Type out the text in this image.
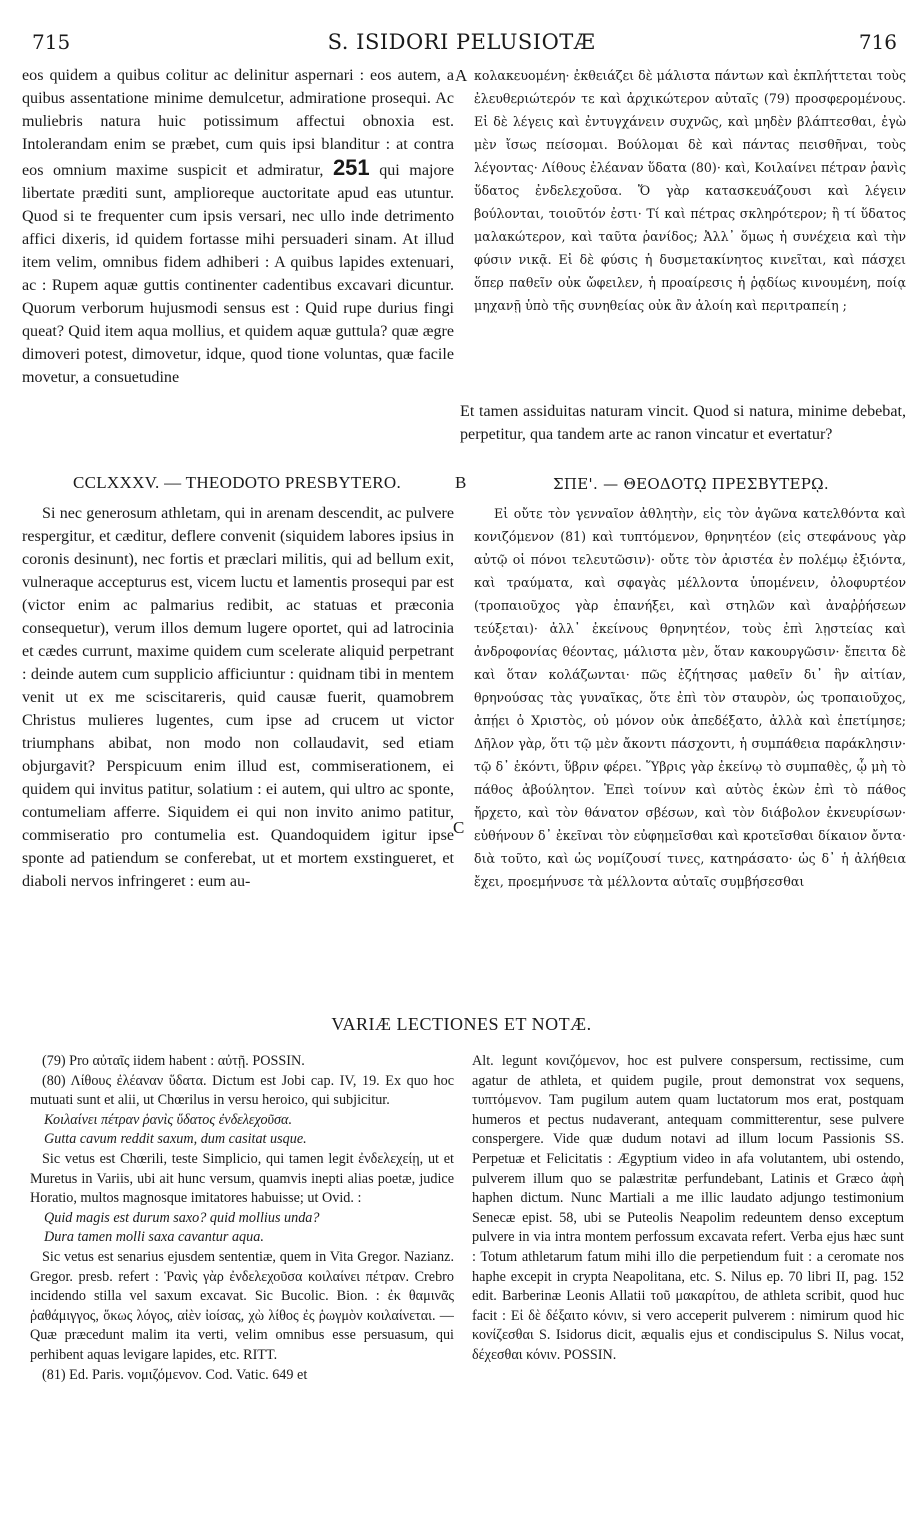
715	S. ISIDORI PELUSIOTÆ	716

eos quidem a quibus colitur ac delinitur aspernari : eos autem, a quibus assentatione minime demulcetur, admiratione prosequi. Ac muliebris natura huic potissimum affectui obnoxia est. Intolerandam enim se præbet, cum quis ipsi blanditur : at contra eos omnium maxime suspicit et admiratur, 251 qui majore libertate præditi sunt, amplioreque auctoritate apud eas utuntur. Quod si te frequenter cum ipsis versari, nec ullo inde detrimento affici dixeris, id quidem fortasse mihi persuaderi sinam. At illud item velim, omnibus fidem adhiberi : A quibus lapides extenuari, ac : Rupem aquæ guttis continenter cadentibus excavari dicuntur. Quorum verborum hujusmodi sensus est : Quid rupe durius fingi queat? Quid item aqua mollius, et quidem aquæ guttula? quæ ægre dimoveri potest, dimovetur, idque, quod tione voluntas, quæ facile movetur, a consuetudine

A κολακευομένη· ἐκθειάζει δὲ μάλιστα πάντων καὶ ἐκπλήττεται τοὺς ἐλευθεριώτερόν τε καὶ ἀρχικώτερον αὐταῖς (79) προσφερομένους. Εἰ δὲ λέγεις καὶ ἐντυγχάνειν συχνῶς, καὶ μηδὲν βλάπτεσθαι, ἐγὼ μὲν ἴσως πείσομαι. Βούλομαι δὲ καὶ πάντας πεισθῆναι, τοὺς λέγοντας· Λίθους ἐλέαναν ὕδατα (80)· καὶ, Κοιλαίνει πέτραν ῥανὶς ὕδατος ἐνδελεχοῦσα. Ὅ γὰρ κατασκευάζουσι καὶ λέγειν βούλονται, τοιοῦτόν ἐστι· Τί καὶ πέτρας σκληρότερον; ἢ τί ὕδατος μαλακώτερον, καὶ ταῦτα ῥανίδος; Ἀλλ᾽ ὅμως ἡ συνέχεια καὶ τὴν φύσιν νικᾷ. Εἰ δὲ φύσις ἡ δυσμετακίνητος κινεῖται, καὶ πάσχει ὅπερ παθεῖν οὐκ ὤφειλεν, ἡ προαίρεσις ἡ ῥᾳδίως κινουμένη, ποίᾳ μηχανῇ ὑπὸ τῆς συνηθείας οὐκ ἂν ἁλοίη καὶ περιτραπείη ;

Et tamen assiduitas naturam vincit. Quod si natura, minime debebat, perpetitur, qua tandem arte ac ranon vincatur et evertatur?

CCLXXXV. — THEODOTO PRESBYTERO.	B	ΣΠΕ'. — ΘΕΟΔΟΤῼ ΠΡΕΣΒΥΤΕΡῼ.

Si nec generosum athletam, qui in arenam descendit, ac pulvere respergitur, et cæditur, deflere convenit (siquidem labores ipsius in coronis desinunt), nec fortis et præclari militis, qui ad bellum exit, vulneraque accepturus est, vicem luctu et lamentis prosequi par est (victor enim ac palmarius redibit, ac statuas et præconia consequetur), verum illos demum lugere oportet, qui ad latrocinia et cædes currunt, maxime quidem cum scelerate aliquid perpetrant : deinde autem cum supplicio afficiuntur : quidnam tibi in mentem venit ut ex me sciscitareris, quid causæ fuerit, quamobrem Christus mulieres lugentes, cum ipse ad crucem ut victor triumphans abibat, non modo non collaudavit, sed etiam objurgavit? Perspicuum enim illud est, commiserationem, ei quidem qui invitus patitur, solatium : ei autem, qui ultro ac sponte, contumeliam afferre. Siquidem ei qui non invito animo patitur, commiseratio pro contumelia est. Quandoquidem igitur ipse sponte ad patiendum se conferebat, ut et mortem exstingueret, et diaboli nervos infringeret : eum au-

C

Εἰ οὔτε τὸν γενναῖον ἀθλητὴν, εἰς τὸν ἀγῶνα κατελθόντα καὶ κονιζόμενον (81) καὶ τυπτόμενον, θρηνητέον (εἰς στεφάνους γὰρ αὐτῷ οἱ πόνοι τελευτῶσιν)· οὔτε τὸν ἀριστέα ἐν πολέμῳ ἐξιόντα, καὶ τραύματα, καὶ σφαγὰς μέλλοντα ὑπομένειν, ὀλοφυρτέον (τροπαιοῦχος γὰρ ἐπανήξει, καὶ στηλῶν καὶ ἀναῤῥήσεων τεύξεται)· ἀλλ᾽ ἐκείνους θρηνητέον, τοὺς ἐπὶ λῃστείας καὶ ἀνδροφονίας θέοντας, μάλιστα μὲν, ὅταν κακουργῶσιν· ἔπειτα δὲ καὶ ὅταν κολάζωνται· πῶς ἐζήτησας μαθεῖν δι᾽ ἣν αἰτίαν, θρηνούσας τὰς γυναῖκας, ὅτε ἐπὶ τὸν σταυρὸν, ὡς τροπαιοῦχος, ἀπῄει ὁ Χριστὸς, οὐ μόνον οὐκ ἀπεδέξατο, ἀλλὰ καὶ ἐπετίμησε; Δῆλον γὰρ, ὅτι τῷ μὲν ἄκοντι πάσχοντι, ἡ συμπάθεια παράκλησιν· τῷ δ᾽ ἑκόντι, ὕβριν φέρει. Ὕβρις γὰρ ἐκείνῳ τὸ συμπαθὲς, ᾧ μὴ τὸ πάθος ἀβούλητον. Ἐπεὶ τοίνυν καὶ αὐτὸς ἑκὼν ἐπὶ τὸ πάθος ἤρχετο, καὶ τὸν θάνατον σβέσων, καὶ τὸν διάβολον ἐκνευρίσων· εὐθήνουν δ᾽ ἐκεῖναι τὸν εὐφημεῖσθαι καὶ κροτεῖσθαι δίκαιον ὄντα· διὰ τοῦτο, καὶ ὡς νομίζουσί τινες, κατηράσατο· ὡς δ᾽ ἡ ἀλήθεια ἔχει, προεμήνυσε τὰ μέλλοντα αὐταῖς συμβήσεσθαι

VARIÆ LECTIONES ET NOTÆ.

(79) Pro αὐταῖς iidem habent : αὐτῇ. POSSIN.

(80) Λίθους ἐλέαναν ὕδατα. Dictum est Jobi cap. IV, 19. Ex quo hoc mutuati sunt et alii, ut Chœrilus in versu heroico, qui subjicitur.

Κοιλαίνει πέτραν ῥανὶς ὕδατος ἐνδελεχοῦσα.

Gutta cavum reddit saxum, dum casitat usque.

Sic vetus est Chœrili, teste Simplicio, qui tamen legit ἐνδελεχείῃ, ut et Muretus in Variis, ubi ait hunc versum, quamvis inepti alias poetæ, judice Horatio, multos magnosque imitatores habuisse; ut Ovid. :

Quid magis est durum saxo? quid mollius unda?

Dura tamen molli saxa cavantur aqua.

Sic vetus est senarius ejusdem sententiæ, quem in Vita Gregor. Nazianz. Gregor. presb. refert : Ῥανὶς γὰρ ἐνδελεχοῦσα κοιλαίνει πέτραν. Crebro incidendo stilla vel saxum excavat. Sic Bucolic. Bion. : ἐκ θαμινᾶς ῥαθάμιγγος, ὅκως λόγος, αἰὲν ἰοίσας, χὼ λίθος ἐς ῥωγμὸν κοιλαίνεται. — Quæ præcedunt malim ita verti, velim omnibus esse persuasum, qui perhibent aquas levigare lapides, etc. RITT.

(81) Ed. Paris. νομιζόμενον. Cod. Vatic. 649 et

Alt. legunt κονιζόμενον, hoc est pulvere conspersum, rectissime, cum agatur de athleta, et quidem pugile, prout demonstrat vox sequens, τυπτόμενον. Tam pugilum autem quam luctatorum mos erat, postquam humeros et pectus nudaverant, antequam committerentur, sese pulvere conspergere. Vide quæ dudum notavi ad illum locum Passionis SS. Perpetuæ et Felicitatis : Ægyptium video in afa volutantem, ubi ostendo, pulverem illum quo se palæstritæ perfundebant, Latinis et Græco ἀφὴ haphen dictum. Nunc Martiali a me illic laudato adjungo testimonium Senecæ epist. 58, ubi se Puteolis Neapolim redeuntem denso exceptum pulvere in via intra montem perfossum excavata refert. Verba ejus hæc sunt : Totum athletarum fatum mihi illo die perpetiendum fuit : a ceromate nos haphe excepit in crypta Neapolitana, etc. S. Nilus ep. 70 libri II, pag. 152 edit. Barberinæ Leonis Allatii τοῦ μακαρίτου, de athleta scribit, quod huc facit : Εἰ δὲ δέξαιτο κόνιν, si vero acceperit pulverem : nimirum quod hic κονίζεσθαι S. Isidorus dicit, æqualis ejus et condiscipulus S. Nilus vocat, δέχεσθαι κόνιν. POSSIN.
